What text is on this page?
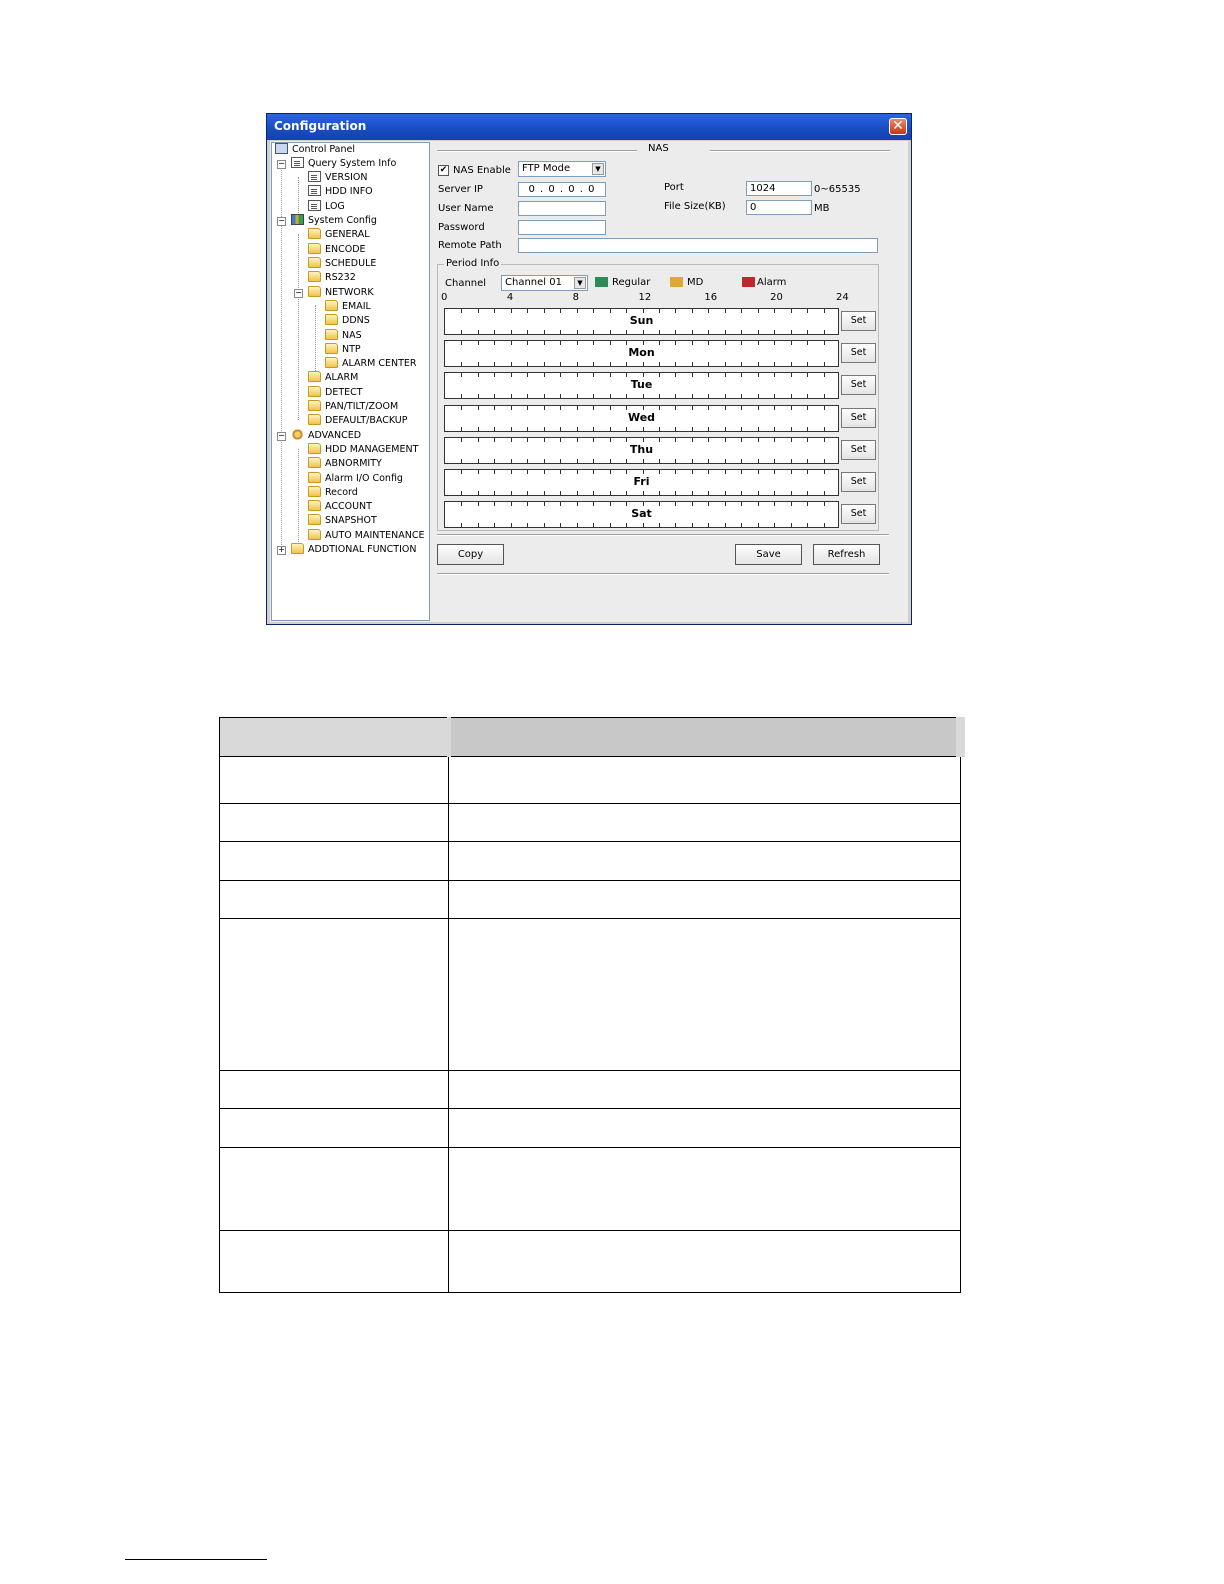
Configuration	✕
Control Panel
−	Query System Info
VERSION
HDD INFO
LOG
−	System Config
GENERAL
ENCODE
SCHEDULE
RS232
−	NETWORK
EMAIL
DDNS
NAS
NTP
ALARM CENTER
ALARM
DETECT
PAN/TILT/ZOOM
DEFAULT/BACKUP
−	ADVANCED
HDD MANAGEMENT
ABNORMITY
Alarm I/O Config
Record
ACCOUNT
SNAPSHOT
AUTO MAINTENANCE
+	ADDTIONAL FUNCTION
NAS
✔ NAS Enable	FTP Mode	▼
Server IP	0 . 0 . 0 . 0
User Name
Password
Remote Path
Port	1024	0~65535
File Size(KB)	0	MB
Period Info
Channel	Channel 01	▼	Regular	MD	Alarm
0	4	8	12	16	20	24
Sun	Set
Mon	Set
Tue	Set
Wed	Set
Thu	Set
Fri	Set
Sat	Set
Copy	Save	Refresh
